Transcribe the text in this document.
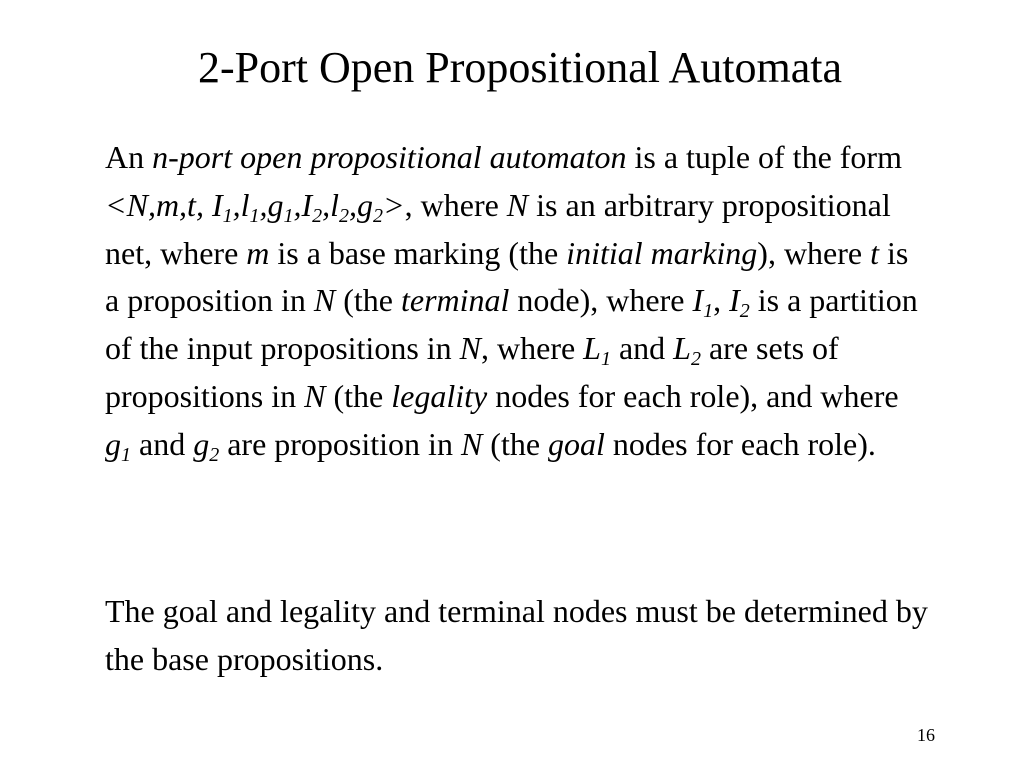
2-Port Open Propositional Automata

An n-port open propositional automaton is a tuple of the form <N,m,t, $I_1,l_1,g_1,I_2,l_2,g_2>$, where N is an arbitrary propositional net, where m is a base marking (the initial marking), where t is a proposition in N (the terminal node), where $I_1$, $I_2$ is a partition of the input propositions in N, where $L_1$ and $L_2$ are sets of propositions in N (the legality nodes for each role), and where $g_1$ and $g_2$ are proposition in N (the goal nodes for each role).

The goal and legality and terminal nodes must be determined by the base propositions.

16
